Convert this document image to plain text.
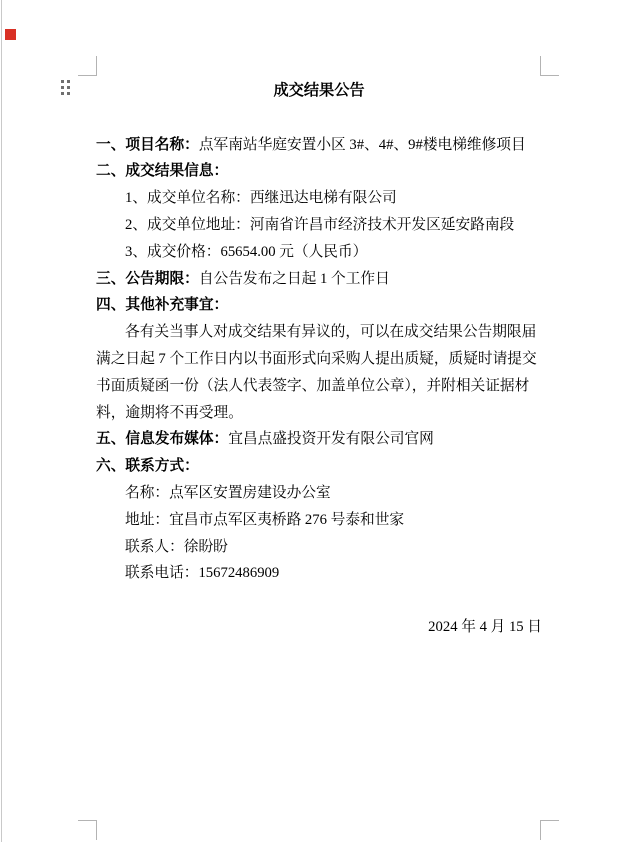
成交结果公告
一、项目名称：点军南站华庭安置小区 3#、4#、9#楼电梯维修项目
二、成交结果信息：
1、成交单位名称：西继迅达电梯有限公司
2、成交单位地址：河南省许昌市经济技术开发区延安路南段
3、成交价格：65654.00 元（人民币）
三、公告期限：自公告发布之日起 1 个工作日
四、其他补充事宜：
各有关当事人对成交结果有异议的，可以在成交结果公告期限届
满之日起 7 个工作日内以书面形式向采购人提出质疑，质疑时请提交
书面质疑函一份（法人代表签字、加盖单位公章），并附相关证据材
料，逾期将不再受理。
五、信息发布媒体：宜昌点盛投资开发有限公司官网
六、联系方式：
名称：点军区安置房建设办公室
地址：宜昌市点军区夷桥路 276 号泰和世家
联系人：徐盼盼
联系电话：15672486909
2024 年 4 月 15 日
